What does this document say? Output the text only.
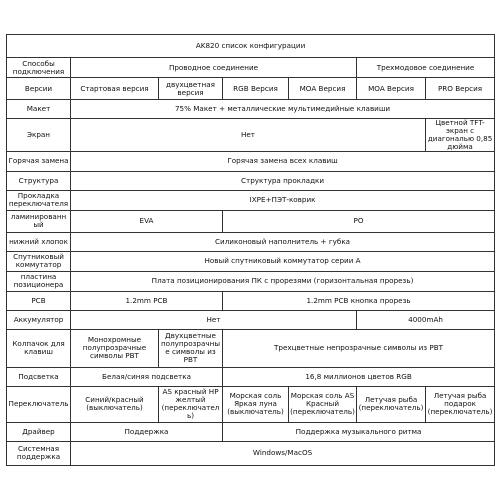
AK820 список конфигурации						
Способы подключения	Проводное соединение				Трехмодовое соединение	
Версии	Стартовая версия	двухцветная версия	RGB Версия	MOA Версия	MOA Версия	PRO Версия
Макет	75% Макет + металлические мультимедийные клавиши					
Экран	Нет					Цветной TFT-экран с диагональю 0,85 дюйма
Горячая замена	Горячая замена всех клавиш					
Структура	Структура прокладки					
Прокладка переключателя	IXPE+ПЭТ-коврик					
ламинированный	EVA		PO			
нижний хлопок	Силиконовый наполнитель + губка					
Спутниковый коммутатор	Новый спутниковый коммутатор серии A					
пластина позиционера	Плата позиционирования ПК с прорезями (горизонтальная прорезь)					
PCB	1.2mm PCB		1.2mm PCB кнопка прорезь			
Аккумулятор	Нет				4000mAh	
Колпачок для клавиш	Монохромные полупрозрачные символы PBT	Двухцветные полупрозрачные символы из PBT	Трехцветные непрозрачные символы из PBT			
Подсветка	Белая/синяя подсветка		16,8 миллионов цветов RGB			
Переключатель	Синий/красный (выключатель)	AS красный HP желтый (переключатель)	Морская соль Яркая луна (выключатель)	Морская соль AS Красный (переключатель)	Летучая рыба (переключатель)	Летучая рыба подарок (переключатель)
Драйвер	Поддержка		Поддержка музыкального ритма			
Системная поддержка	Windows/MacOS					
